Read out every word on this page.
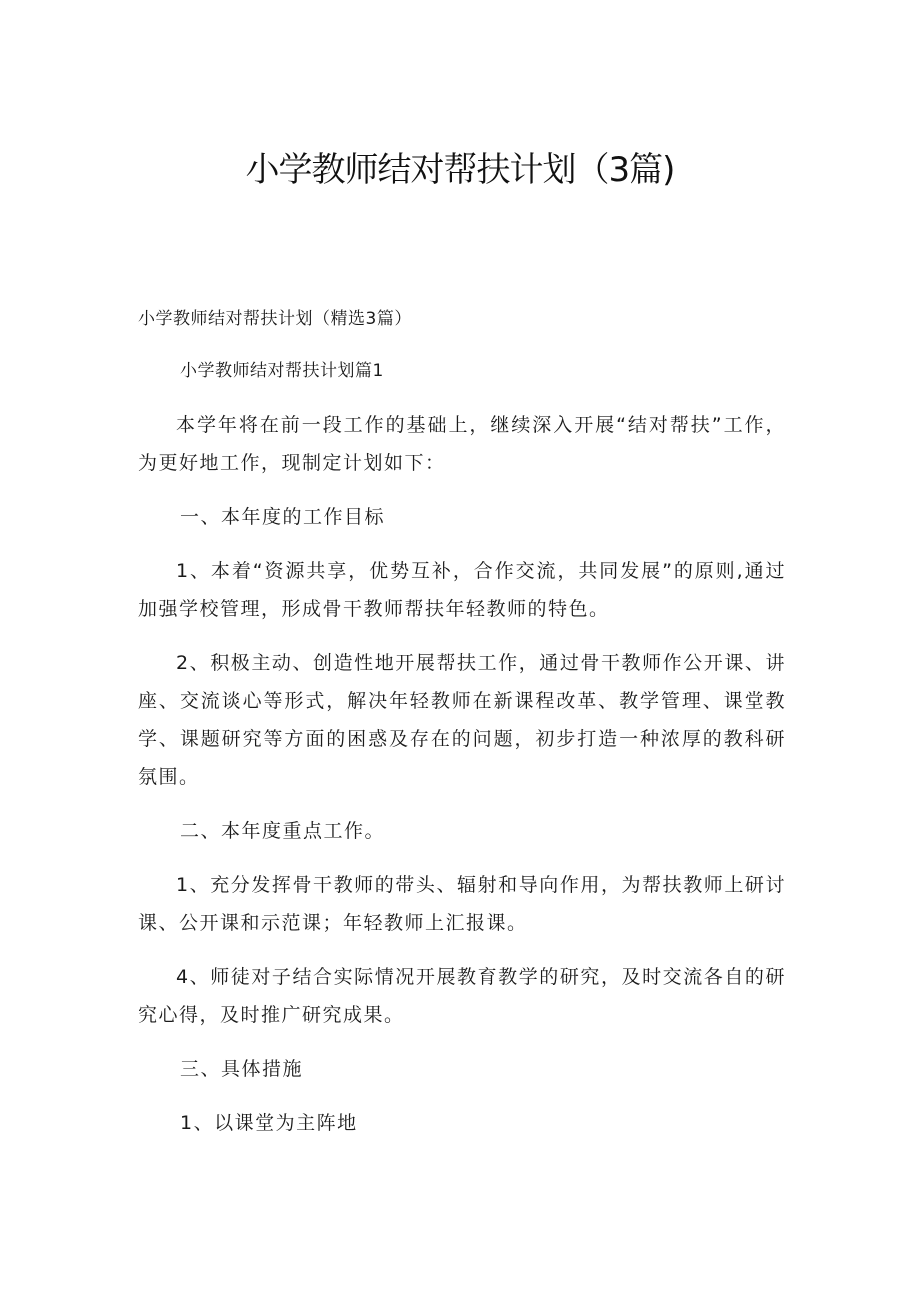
小学教师结对帮扶计划（3篇)

小学教师结对帮扶计划（精选3篇）

小学教师结对帮扶计划篇1

本学年将在前一段工作的基础上，继续深入开展“结对帮扶”工作，为更好地工作，现制定计划如下：

一、本年度的工作目标

1、本着“资源共享，优势互补，合作交流，共同发展”的原则,通过加强学校管理，形成骨干教师帮扶年轻教师的特色。

2、积极主动、创造性地开展帮扶工作，通过骨干教师作公开课、讲座、交流谈心等形式，解决年轻教师在新课程改革、教学管理、课堂教学、课题研究等方面的困惑及存在的问题，初步打造一种浓厚的教科研氛围。

二、本年度重点工作。

1、充分发挥骨干教师的带头、辐射和导向作用，为帮扶教师上研讨课、公开课和示范课；年轻教师上汇报课。

4、师徒对子结合实际情况开展教育教学的研究，及时交流各自的研究心得，及时推广研究成果。

三、具体措施

1、以课堂为主阵地
